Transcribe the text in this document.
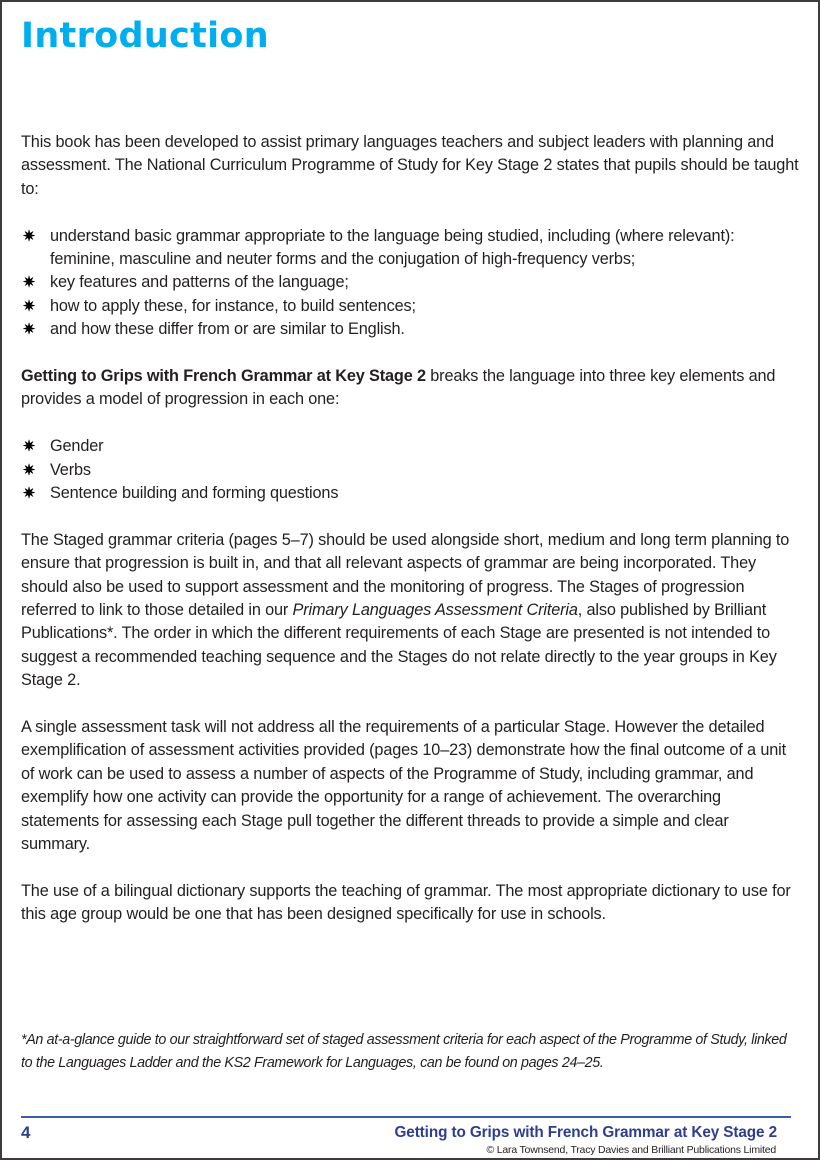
Introduction

This book has been developed to assist primary languages teachers and subject leaders with planning and assessment. The National Curriculum Programme of Study for Key Stage 2 states that pupils should be taught to:

✷ understand basic grammar appropriate to the language being studied, including (where relevant): feminine, masculine and neuter forms and the conjugation of high-frequency verbs;
✷ key features and patterns of the language;
✷ how to apply these, for instance, to build sentences;
✷ and how these differ from or are similar to English.

Getting to Grips with French Grammar at Key Stage 2 breaks the language into three key elements and provides a model of progression in each one:

✷ Gender
✷ Verbs
✷ Sentence building and forming questions

The Staged grammar criteria (pages 5–7) should be used alongside short, medium and long term planning to ensure that progression is built in, and that all relevant aspects of grammar are being incorporated. They should also be used to support assessment and the monitoring of progress. The Stages of progression referred to link to those detailed in our Primary Languages Assessment Criteria, also published by Brilliant Publications*. The order in which the different requirements of each Stage are presented is not intended to suggest a recommended teaching sequence and the Stages do not relate directly to the year groups in Key Stage 2.

A single assessment task will not address all the requirements of a particular Stage. However the detailed exemplification of assessment activities provided (pages 10–23) demonstrate how the final outcome of a unit of work can be used to assess a number of aspects of the Programme of Study, including grammar, and exemplify how one activity can provide the opportunity for a range of achievement. The overarching statements for assessing each Stage pull together the different threads to provide a simple and clear summary.

The use of a bilingual dictionary supports the teaching of grammar. The most appropriate dictionary to use for this age group would be one that has been designed specifically for use in schools.

*An at-a-glance guide to our straightforward set of staged assessment criteria for each aspect of the Programme of Study, linked to the Languages Ladder and the KS2 Framework for Languages, can be found on pages 24–25.
4	Getting to Grips with French Grammar at Key Stage 2
© Lara Townsend, Tracy Davies and Brilliant Publications Limited
